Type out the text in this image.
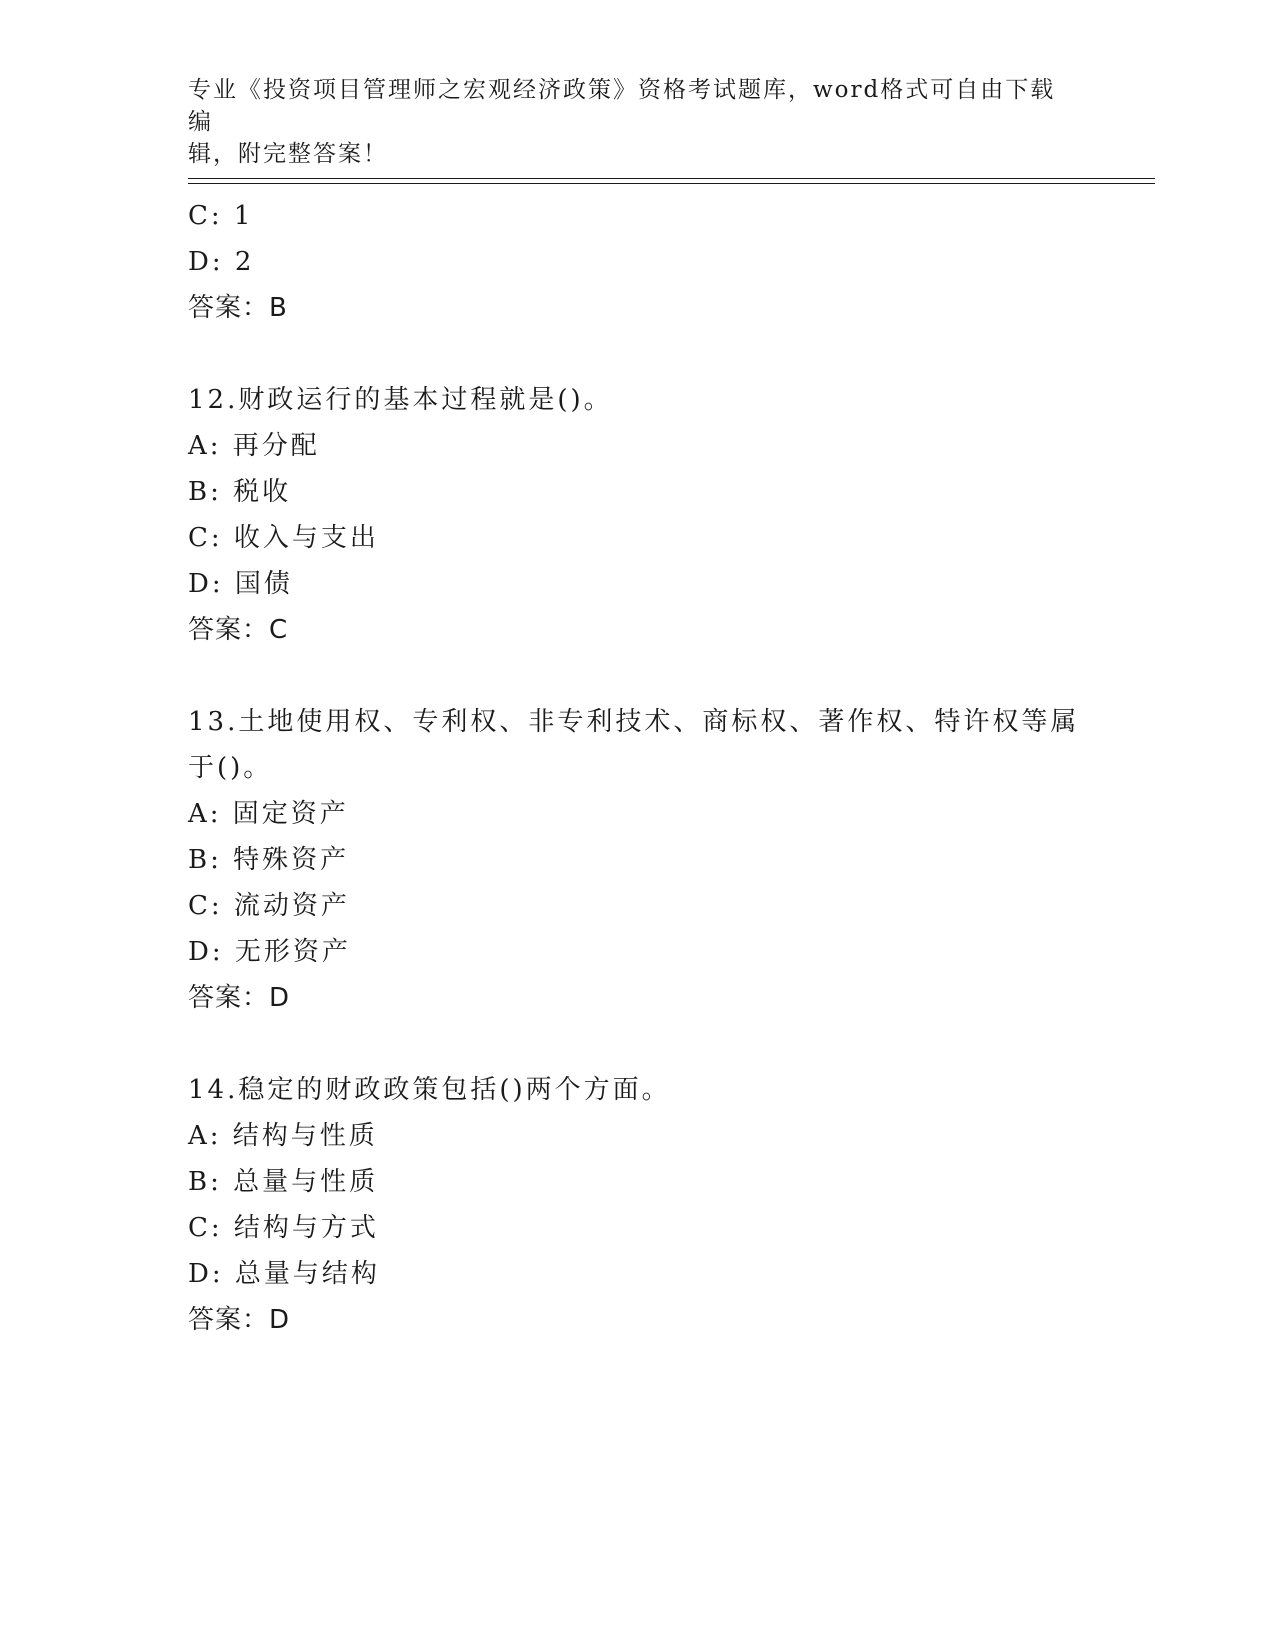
专业《投资项目管理师之宏观经济政策》资格考试题库，word格式可自由下载编
辑，附完整答案！
C: 1
D: 2
答案：B
12.财政运行的基本过程就是()。
A: 再分配
B: 税收
C: 收入与支出
D: 国债
答案：C
13.土地使用权、专利权、非专利技术、商标权、著作权、特许权等属
于()。
A: 固定资产
B: 特殊资产
C: 流动资产
D: 无形资产
答案：D
14.稳定的财政政策包括()两个方面。
A: 结构与性质
B: 总量与性质
C: 结构与方式
D: 总量与结构
答案：D
